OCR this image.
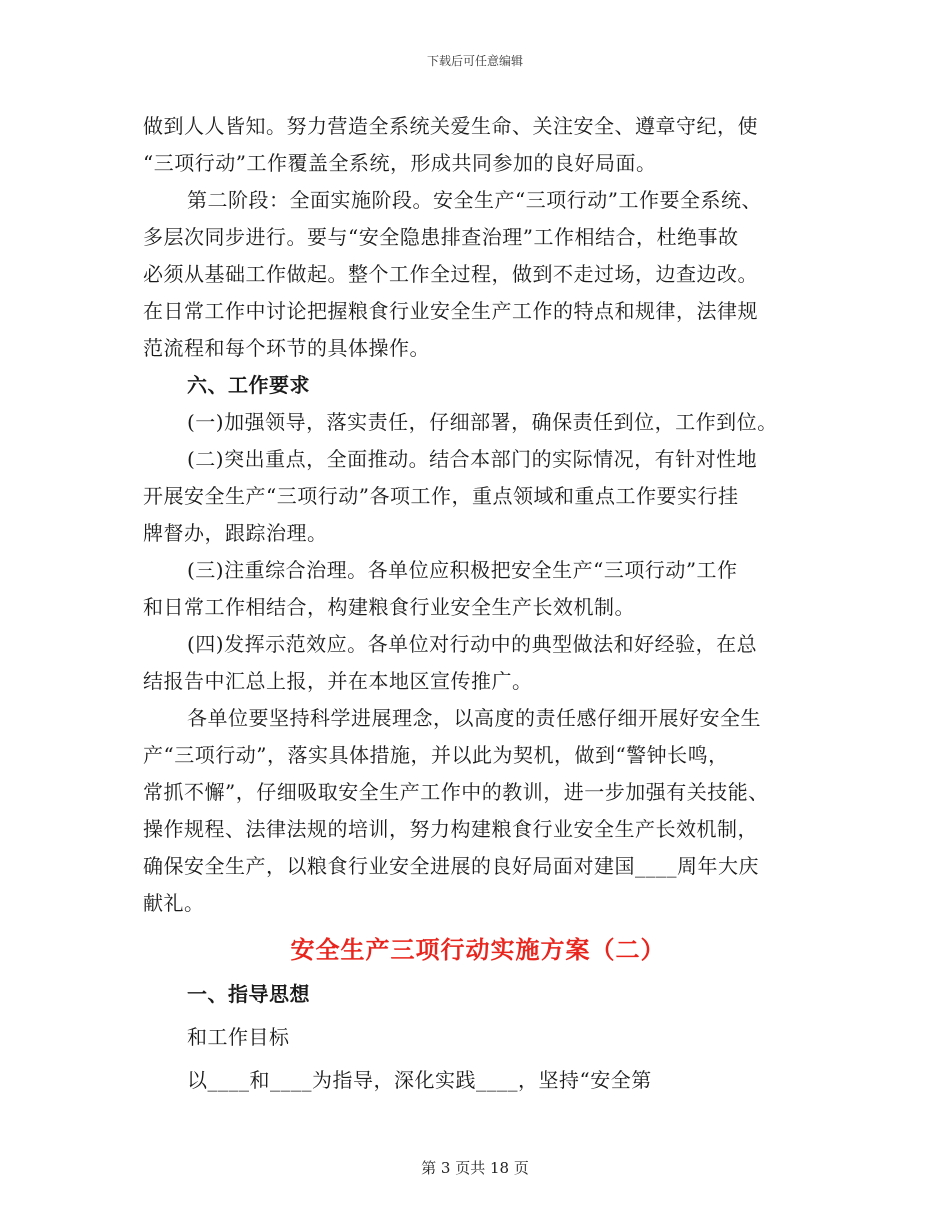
下载后可任意编辑
做到人人皆知。努力营造全系统关爱生命、关注安全、遵章守纪，使
“三项行动”工作覆盖全系统，形成共同参加的良好局面。
第二阶段：全面实施阶段。安全生产“三项行动”工作要全系统、
多层次同步进行。要与“安全隐患排查治理”工作相结合，杜绝事故
必须从基础工作做起。整个工作全过程，做到不走过场，边查边改。
在日常工作中讨论把握粮食行业安全生产工作的特点和规律，法律规
范流程和每个环节的具体操作。
六、工作要求
(一)加强领导，落实责任，仔细部署，确保责任到位，工作到位。
(二)突出重点，全面推动。结合本部门的实际情况，有针对性地
开展安全生产“三项行动”各项工作，重点领域和重点工作要实行挂
牌督办，跟踪治理。
(三)注重综合治理。各单位应积极把安全生产“三项行动”工作
和日常工作相结合，构建粮食行业安全生产长效机制。
(四)发挥示范效应。各单位对行动中的典型做法和好经验，在总
结报告中汇总上报，并在本地区宣传推广。
各单位要坚持科学进展理念，以高度的责任感仔细开展好安全生
产“三项行动”，落实具体措施，并以此为契机，做到“警钟长鸣，
常抓不懈”，仔细吸取安全生产工作中的教训，进一步加强有关技能、
操作规程、法律法规的培训，努力构建粮食行业安全生产长效机制，
确保安全生产，以粮食行业安全进展的良好局面对建国____周年大庆
献礼。
安全生产三项行动实施方案（二）
一、指导思想
和工作目标
以____和____为指导，深化实践____，坚持“安全第
第 3 页共 18 页
